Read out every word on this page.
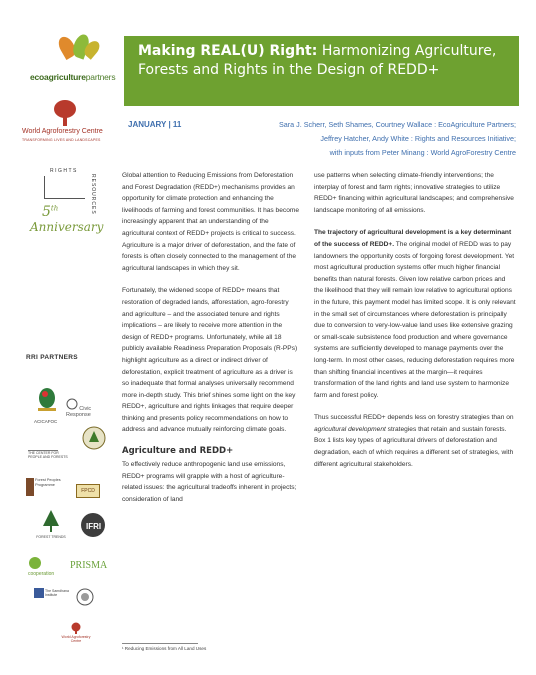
ecoagriculturepartners
World Agroforestry Centre
TRANSFORMING LIVES AND LANDSCAPES
RIGHTS
RESOURCES
5th
Anniversary
RRI PARTNERS
ACICAFOC
Civic Response
THE CENTER FOR PEOPLE AND FORESTS
Forest Peoples Programme
FPCD
FOREST TRENDS
IFRI
cooperation
PRISMA
The Samdhana Institute
World Agroforestry Centre
Making REAL(U) Right: Harmonizing Agriculture, Forests and Rights in the Design of REDD+
JANUARY | 11	Sara J. Scherr, Seth Shames, Courtney Wallace : EcoAgriculture Partners;
Jeffrey Hatcher, Andy White : Rights and Resources Initiative;
with inputs from Peter Minang : World AgroForestry Centre

Global attention to Reducing Emissions from Deforestation and Forest Degradation (REDD+) mechanisms provides an opportunity for climate protection and enhancing the livelihoods of farming and forest communities. It has become increasingly apparent that an understanding of the agricultural context of REDD+ projects is critical to success. Agriculture is a major driver of deforestation, and the fate of forests is often closely connected to the management of the agricultural landscapes in which they sit.

Fortunately, the widened scope of REDD+ means that restoration of degraded lands, afforestation, agro-forestry and agriculture – and the associated tenure and rights implications – are likely to receive more attention in the design of REDD+ programs. Unfortunately, while all 18 publicly available Readiness Preparation Proposals (R-PPs) highlight agriculture as a direct or indirect driver of deforestation, explicit treatment of agriculture as a driver is so inadequate that formal analyses universally recommend more in-depth study. This brief shines some light on the key REDD+, agriculture and rights linkages that require deeper thinking and presents policy recommendations on how to address and advance mutually reinforcing climate goals.

Agriculture and REDD+

To effectively reduce anthropogenic land use emissions, REDD+ programs will grapple with a host of agriculture-related issues: the agricultural tradeoffs inherent in projects; consideration of land

use patterns when selecting climate-friendly interventions; the interplay of forest and farm rights; innovative strategies to utilize REDD+ financing within agricultural landscapes; and comprehensive landscape monitoring of all emissions.

The trajectory of agricultural development is a key determinant of the success of REDD+. The original model of REDD was to pay landowners the opportunity costs of forgoing forest development. Yet most agricultural production systems offer much higher financial benefits than natural forests. Given low relative carbon prices and the likelihood that they will remain low relative to agricultural options in the future, this payment model has limited scope. It is only relevant in the small set of circumstances where deforestation is principally due to conversion to very-low-value land uses like extensive grazing or small-scale subsistence food production and where governance systems are sufficiently developed to manage payments over the long-term. In most other cases, reducing deforestation requires more than shifting financial incentives at the margin—it requires transformation of the land rights and land use system to harmonize farm and forest policy.

Thus successful REDD+ depends less on forestry strategies than on agricultural development strategies that retain and sustain forests. Box 1 lists key types of agricultural drivers of deforestation and degradation, each of which requires a different set of strategies, with different agricultural stakeholders.

¹ Reducing Emissions from All Land Uses
